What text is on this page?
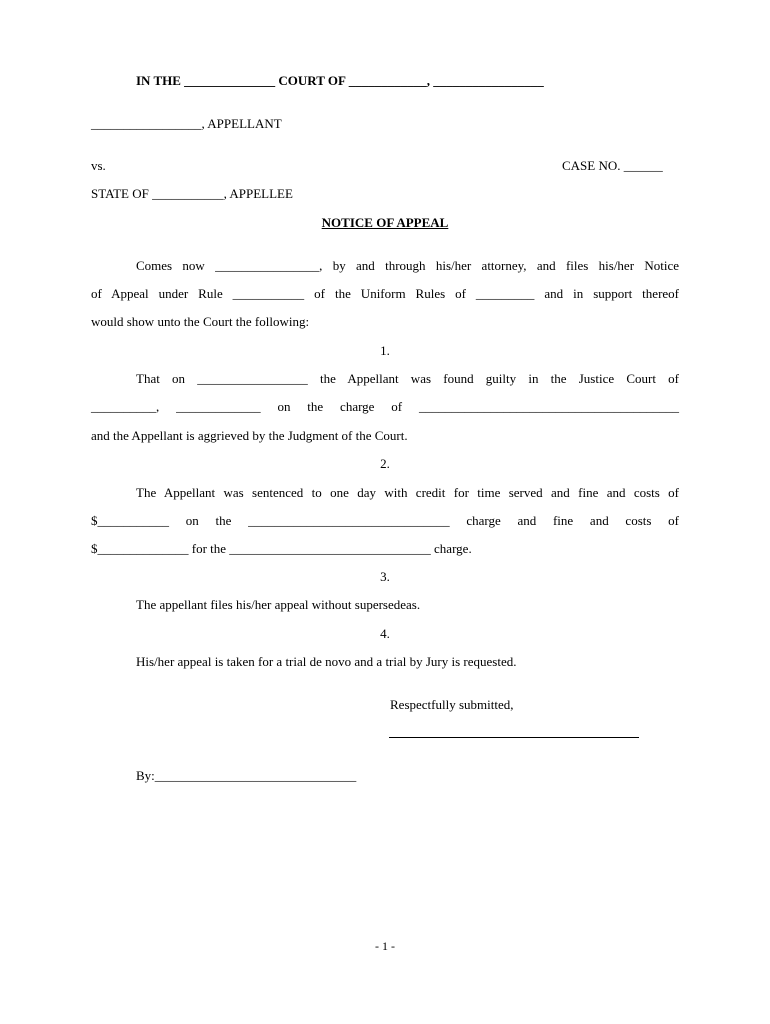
IN THE ______________ COURT OF ____________, _________________
_________________, APPELLANT
vs.	CASE NO. ______
STATE OF ___________, APPELLEE
NOTICE OF APPEAL
Comes now ________________, by and through his/her attorney, and files his/her Notice
of Appeal under Rule ___________ of the Uniform Rules of _________ and in support thereof
would show unto the Court the following:
1.
That on _________________ the Appellant was found guilty in the Justice Court of
__________, _____________ on the charge of ________________________________________
and the Appellant is aggrieved by the Judgment of the Court.
2.
The Appellant was sentenced to one day with credit for time served and fine and costs of
$___________ on the _______________________________ charge and fine and costs of
$______________ for the _______________________________ charge.
3.
The appellant files his/her appeal without supersedeas.
4.
His/her appeal is taken for a trial de novo and a trial by Jury is requested.
Respectfully submitted,
By:_______________________________
- 1 -
